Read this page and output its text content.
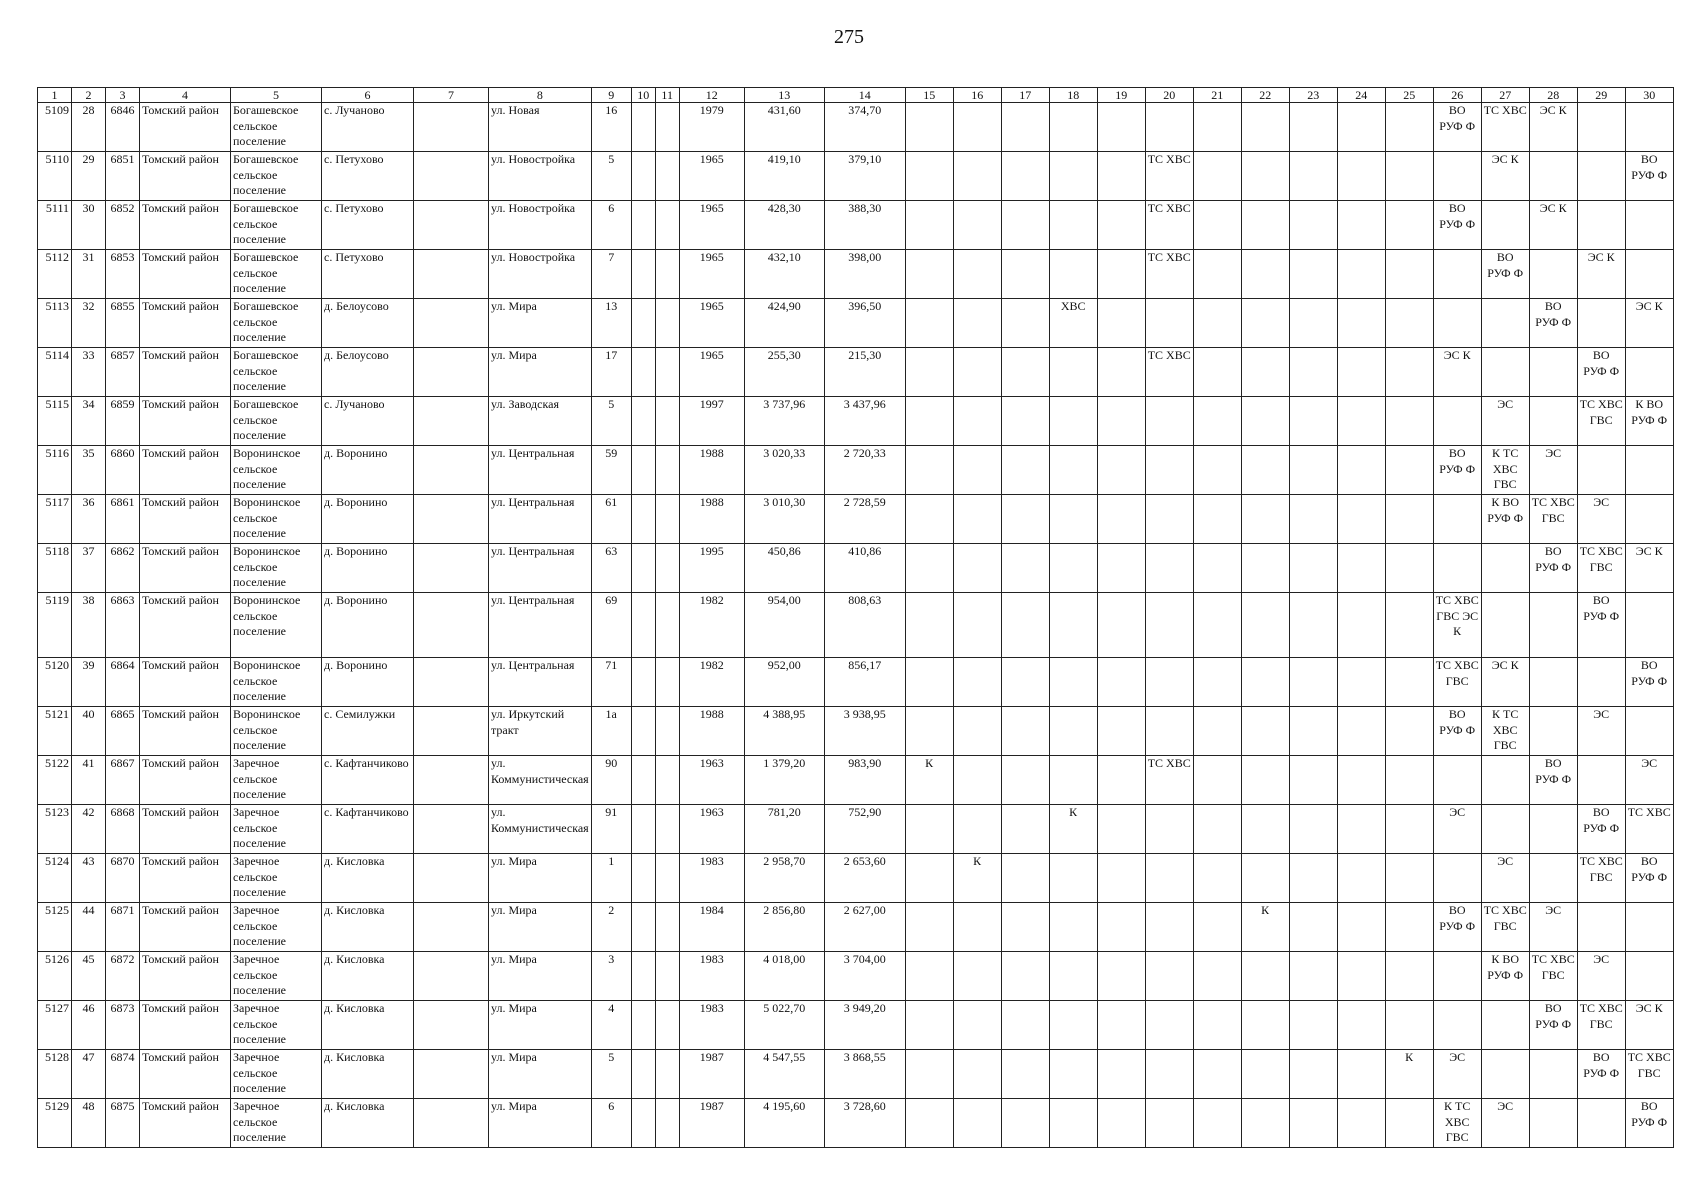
275
1	2	3	4	5	6	7	8	9	10	11	12	13	14	15	16	17	18	19	20	21	22	23	24	25	26	27	28	29	30
5109	28	6846	Томский район	Богашевское сельское поселение	с. Лучаново		ул. Новая	16			1979	431,60	374,70												ВО РУФ Ф	ТС ХВС	ЭС К		

5110	29	6851	Томский район	Богашевское сельское поселение	с. Петухово		ул. Новостройка	5			1965	419,10	379,10						ТС ХВС							ЭС К			ВО РУФ Ф

5111	30	6852	Томский район	Богашевское сельское поселение	с. Петухово		ул. Новостройка	6			1965	428,30	388,30						ТС ХВС						ВО РУФ Ф		ЭС К		

5112	31	6853	Томский район	Богашевское сельское поселение	с. Петухово		ул. Новостройка	7			1965	432,10	398,00						ТС ХВС							ВО РУФ Ф		ЭС К	

5113	32	6855	Томский район	Богашевское сельское поселение	д. Белоусово		ул. Мира	13			1965	424,90	396,50				ХВС										ВО РУФ Ф		ЭС К

5114	33	6857	Томский район	Богашевское сельское поселение	д. Белоусово		ул. Мира	17			1965	255,30	215,30						ТС ХВС						ЭС К			ВО РУФ Ф	

5115	34	6859	Томский район	Богашевское сельское поселение	с. Лучаново		ул. Заводская	5			1997	3 737,96	3 437,96													ЭС		ТС ХВС ГВС	К ВО РУФ Ф

5116	35	6860	Томский район	Воронинское сельское поселение	д. Воронино		ул. Центральная	59			1988	3 020,33	2 720,33												ВО РУФ Ф	К ТС ХВС ГВС	ЭС		

5117	36	6861	Томский район	Воронинское сельское поселение	д. Воронино		ул. Центральная	61			1988	3 010,30	2 728,59													К ВО РУФ Ф	ТС ХВС ГВС	ЭС	

5118	37	6862	Томский район	Воронинское сельское поселение	д. Воронино		ул. Центральная	63			1995	450,86	410,86														ВО РУФ Ф	ТС ХВС ГВС	ЭС К

5119	38	6863	Томский район	Воронинское сельское поселение	д. Воронино		ул. Центральная	69			1982	954,00	808,63												ТС ХВС ГВС ЭС К			ВО РУФ Ф	

5120	39	6864	Томский район	Воронинское сельское поселение	д. Воронино		ул. Центральная	71			1982	952,00	856,17												ТС ХВС ГВС	ЭС К			ВО РУФ Ф

5121	40	6865	Томский район	Воронинское сельское поселение	с. Семилужки		ул. Иркутский тракт	1а			1988	4 388,95	3 938,95												ВО РУФ Ф	К ТС ХВС ГВС		ЭС	

5122	41	6867	Томский район	Заречное сельское поселение	с. Кафтанчиково		ул. Коммунистическая	90			1963	1 379,20	983,90	К					ТС ХВС								ВО РУФ Ф		ЭС

5123	42	6868	Томский район	Заречное сельское поселение	с. Кафтанчиково		ул. Коммунистическая	91			1963	781,20	752,90				К								ЭС			ВО РУФ Ф	ТС ХВС

5124	43	6870	Томский район	Заречное сельское поселение	д. Кисловка		ул. Мира	1			1983	2 958,70	2 653,60		К											ЭС		ТС ХВС ГВС	ВО РУФ Ф

5125	44	6871	Томский район	Заречное сельское поселение	д. Кисловка		ул. Мира	2			1984	2 856,80	2 627,00								К				ВО РУФ Ф	ТС ХВС ГВС	ЭС		

5126	45	6872	Томский район	Заречное сельское поселение	д. Кисловка		ул. Мира	3			1983	4 018,00	3 704,00													К ВО РУФ Ф	ТС ХВС ГВС	ЭС	

5127	46	6873	Томский район	Заречное сельское поселение	д. Кисловка		ул. Мира	4			1983	5 022,70	3 949,20														ВО РУФ Ф	ТС ХВС ГВС	ЭС К

5128	47	6874	Томский район	Заречное сельское поселение	д. Кисловка		ул. Мира	5			1987	4 547,55	3 868,55											К	ЭС			ВО РУФ Ф	ТС ХВС ГВС

5129	48	6875	Томский район	Заречное сельское поселение	д. Кисловка		ул. Мира	6			1987	4 195,60	3 728,60												К ТС ХВС ГВС	ЭС			ВО РУФ Ф
